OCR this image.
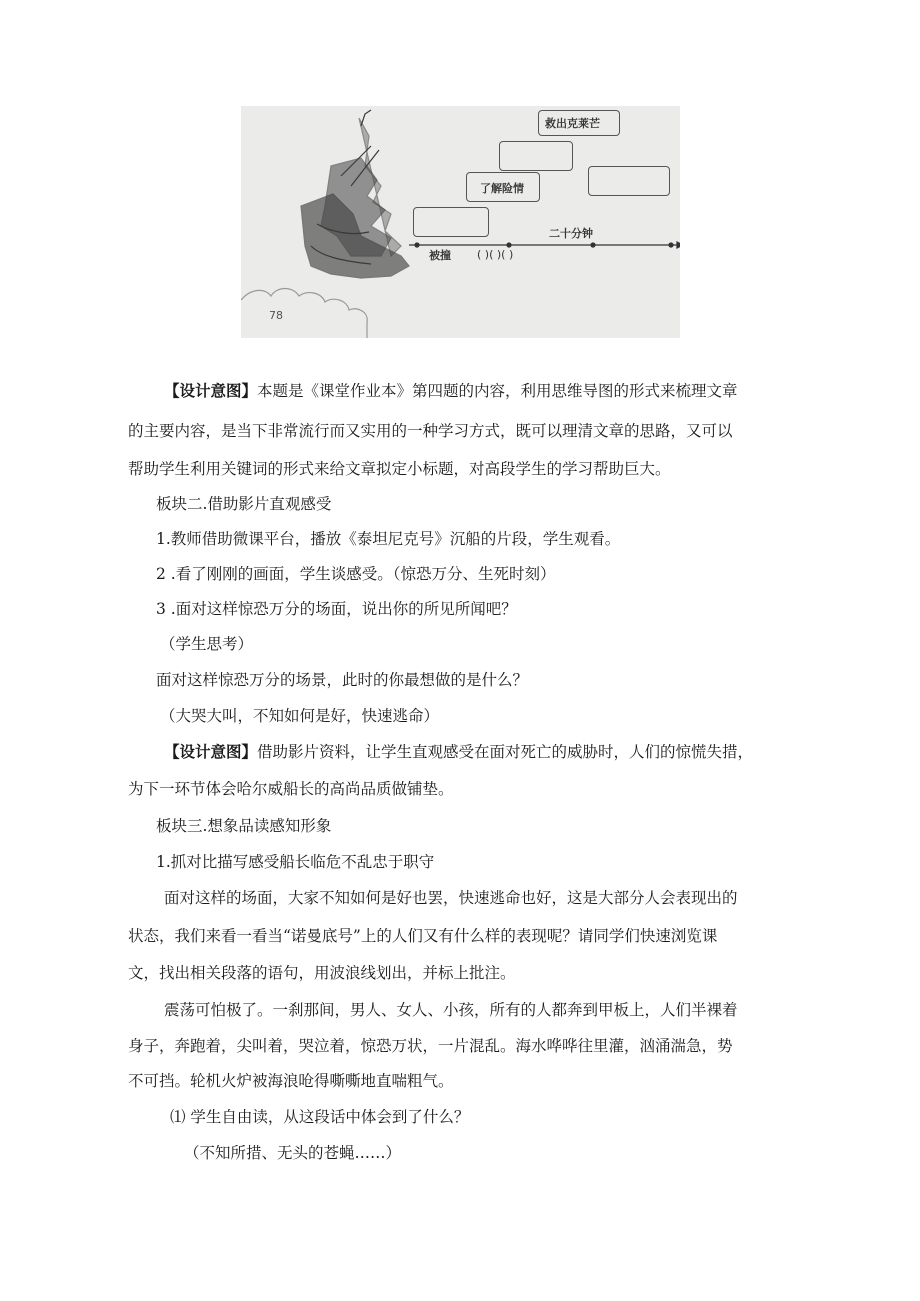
救出克莱芒
了解险情
二十分钟
被撞 ( )( )( )
78
【设计意图】本题是《课堂作业本》第四题的内容，利用思维导图的形式来梳理文章
的主要内容，是当下非常流行而又实用的一种学习方式，既可以理清文章的思路，又可以
帮助学生利用关键词的形式来给文章拟定小标题，对高段学生的学习帮助巨大。
板块二.借助影片直观感受
1.教师借助微课平台，播放《泰坦尼克号》沉船的片段，学生观看。
2 .看了刚刚的画面，学生谈感受。（惊恐万分、生死时刻）
3 .面对这样惊恐万分的场面，说出你的所见所闻吧？
（学生思考）
面对这样惊恐万分的场景，此时的你最想做的是什么？
（大哭大叫，不知如何是好，快速逃命）
【设计意图】借助影片资料，让学生直观感受在面对死亡的威胁时，人们的惊慌失措，
为下一环节体会哈尔威船长的高尚品质做铺垫。
板块三.想象品读感知形象
1.抓对比描写感受船长临危不乱忠于职守
面对这样的场面，大家不知如何是好也罢，快速逃命也好，这是大部分人会表现出的
状态，我们来看一看当“诺曼底号”上的人们又有什么样的表现呢？请同学们快速浏览课
文，找出相关段落的语句，用波浪线划出，并标上批注。
震荡可怕极了。一刹那间，男人、女人、小孩，所有的人都奔到甲板上，人们半裸着
身子，奔跑着，尖叫着，哭泣着，惊恐万状，一片混乱。海水哗哗往里灌，汹涌湍急，势
不可挡。轮机火炉被海浪呛得嘶嘶地直喘粗气。
⑴ 学生自由读，从这段话中体会到了什么？
（不知所措、无头的苍蝇……）
